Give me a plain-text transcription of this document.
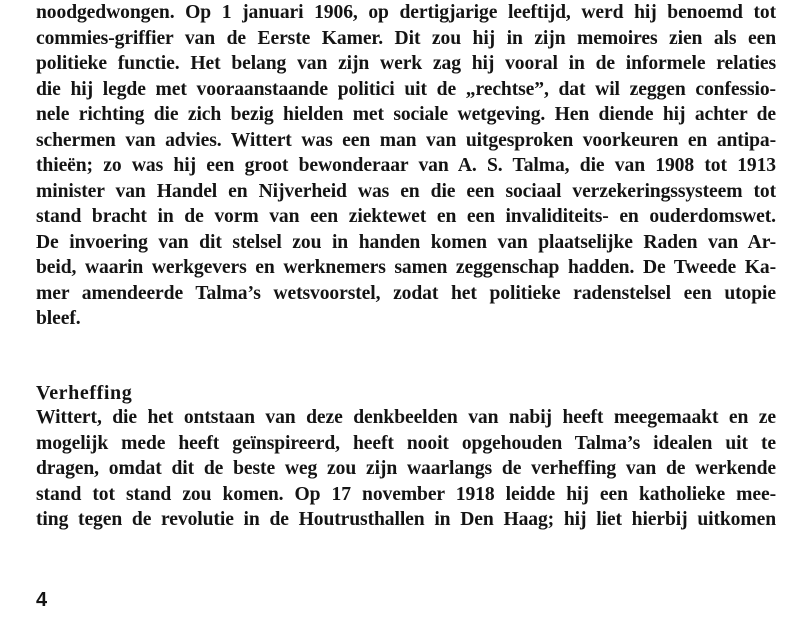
noodgedwongen. Op 1 januari 1906, op dertigjarige leeftijd, werd hij benoemd tot
commies-griffier van de Eerste Kamer. Dit zou hij in zijn memoires zien als een
politieke functie. Het belang van zijn werk zag hij vooral in de informele relaties
die hij legde met vooraanstaande politici uit de „rechtse”, dat wil zeggen confessio-
nele richting die zich bezig hielden met sociale wetgeving. Hen diende hij achter de
schermen van advies. Wittert was een man van uitgesproken voorkeuren en antipa-
thieën; zo was hij een groot bewonderaar van A. S. Talma, die van 1908 tot 1913
minister van Handel en Nijverheid was en die een sociaal verzekeringssysteem tot
stand bracht in de vorm van een ziektewet en een invaliditeits- en ouderdomswet.
De invoering van dit stelsel zou in handen komen van plaatselijke Raden van Ar-
beid, waarin werkgevers en werknemers samen zeggenschap hadden. De Tweede Ka-
mer amendeerde Talma’s wetsvoorstel, zodat het politieke radenstelsel een utopie
bleef.
Verheffing
Wittert, die het ontstaan van deze denkbeelden van nabij heeft meegemaakt en ze
mogelijk mede heeft geïnspireerd, heeft nooit opgehouden Talma’s idealen uit te
dragen, omdat dit de beste weg zou zijn waarlangs de verheffing van de werkende
stand tot stand zou komen. Op 17 november 1918 leidde hij een katholieke mee-
ting tegen de revolutie in de Houtrusthallen in Den Haag; hij liet hierbij uitkomen
4
